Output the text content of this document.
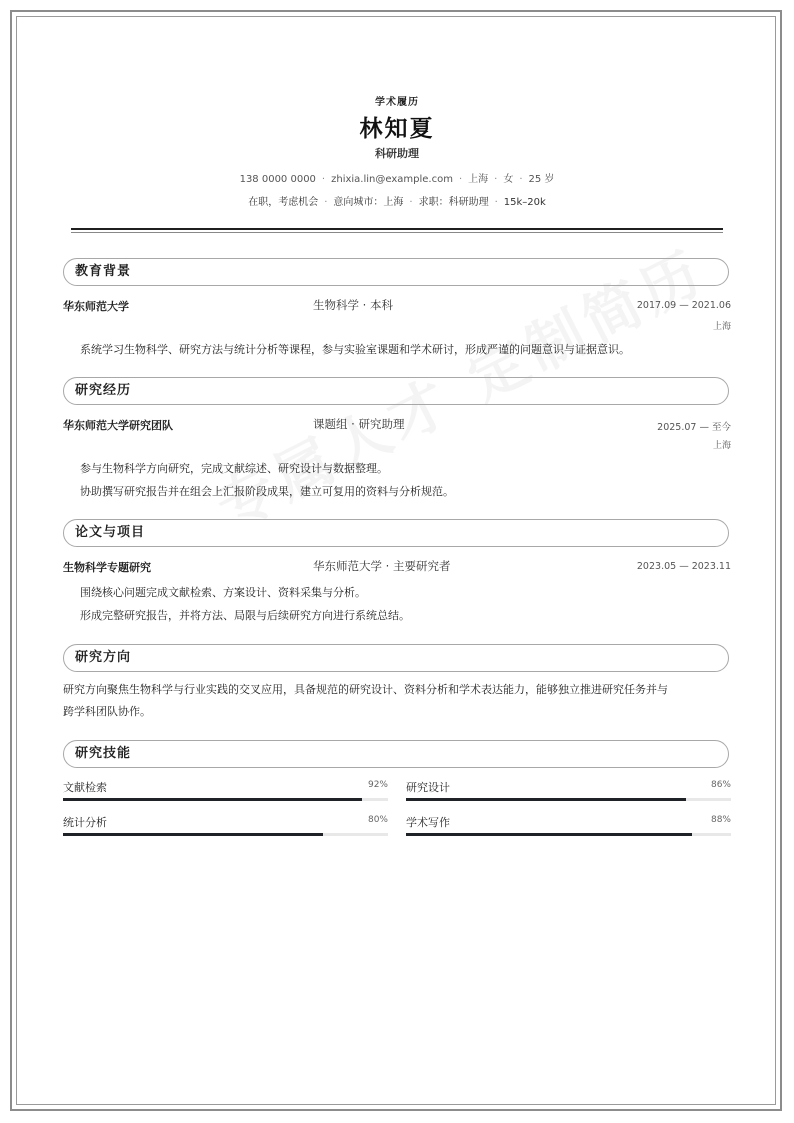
学术履历
林知夏
科研助理
138 0000 0000 · zhixia.lin@example.com · 上海 · 女 · 25 岁
在职，考虑机会 · 意向城市：上海 · 求职：科研助理 · 15k–20k
教育背景
华东师范大学	生物科学 · 本科	2017.09 — 2021.06
上海
系统学习生物科学、研究方法与统计分析等课程，参与实验室课题和学术研讨，形成严谨的问题意识与证据意识。
研究经历
华东师范大学研究团队	课题组 · 研究助理	2025.07 — 至今
上海
参与生物科学方向研究，完成文献综述、研究设计与数据整理。
协助撰写研究报告并在组会上汇报阶段成果，建立可复用的资料与分析规范。
论文与项目
生物科学专题研究	华东师范大学 · 主要研究者	2023.05 — 2023.11
围绕核心问题完成文献检索、方案设计、资料采集与分析。
形成完整研究报告，并将方法、局限与后续研究方向进行系统总结。
研究方向
研究方向聚焦生物科学与行业实践的交叉应用，具备规范的研究设计、资料分析和学术表达能力，能够独立推进研究任务并与
跨学科团队协作。
研究技能
文献检索	92% 研究设计	86%
统计分析	80% 学术写作	88%
